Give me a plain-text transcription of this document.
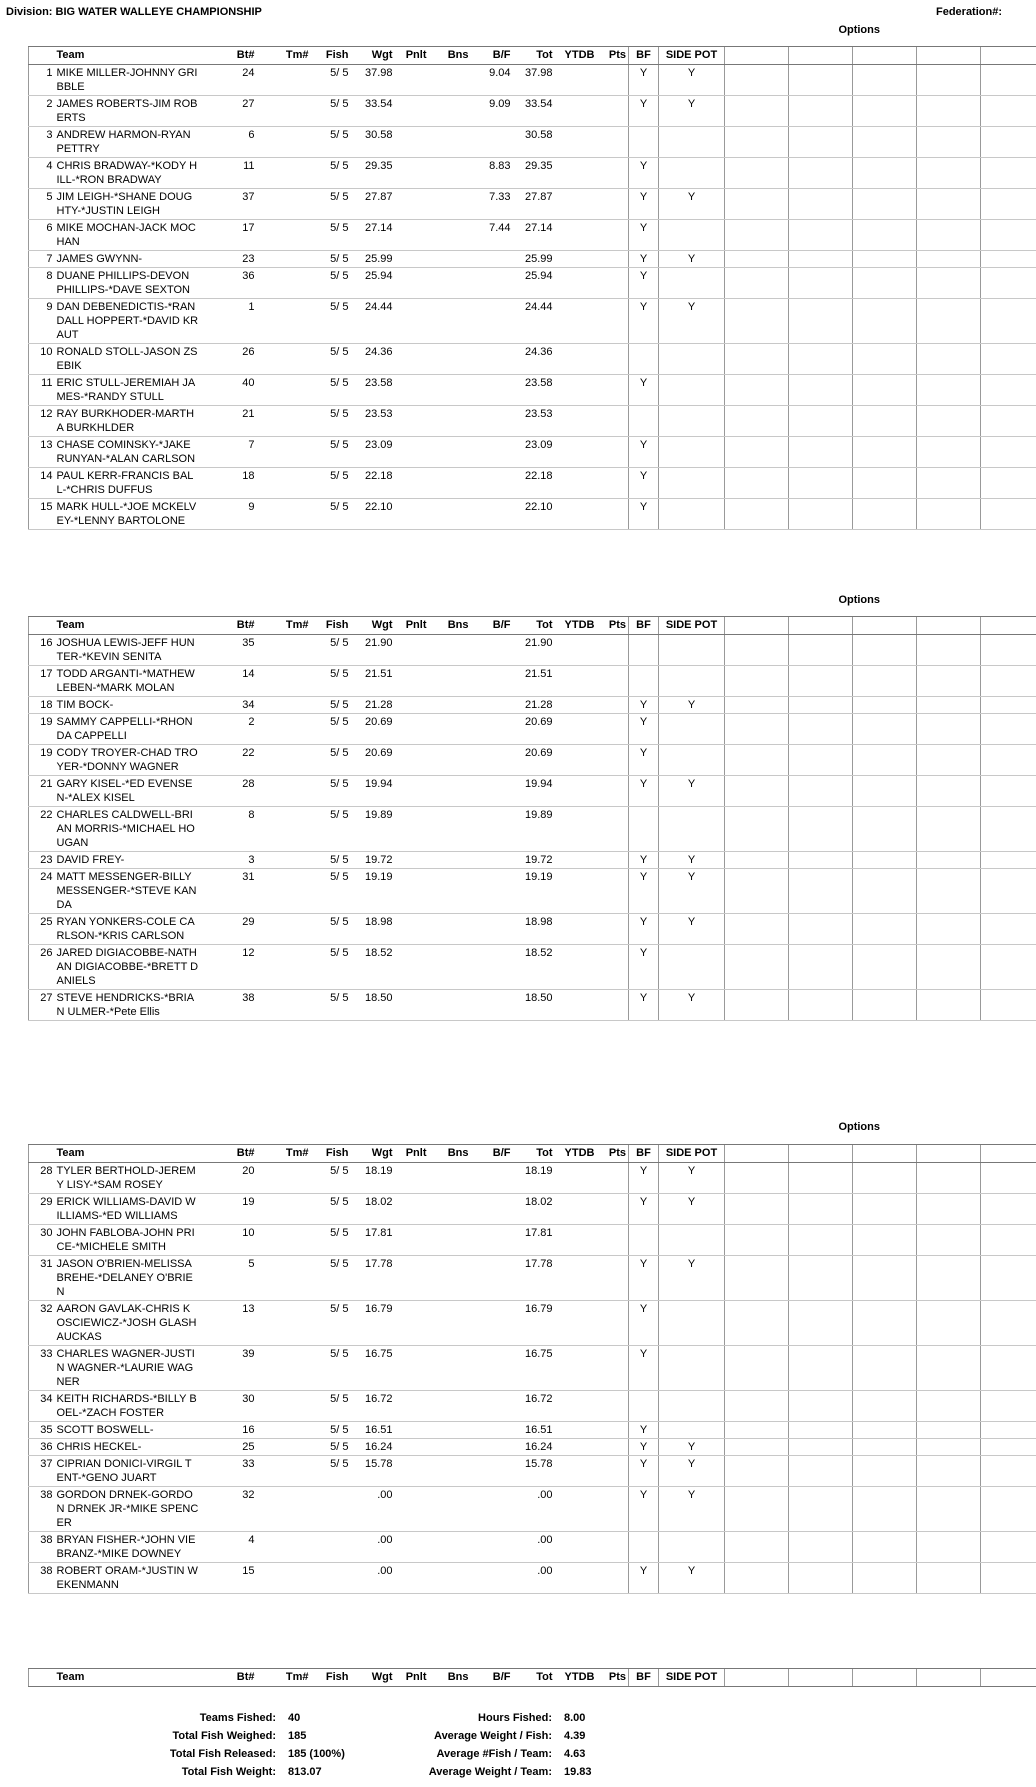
Division: BIG WATER WALLEYE CHAMPIONSHIP	Federation#:
Options
	Team	Bt#	Tm#	Fish	Wgt	Pnlt	Bns	B/F	Tot	YTDB	Pts	BF	SIDE POT					
1	MIKE MILLER-JOHNNY GRIBBLE	24		5/ 5	37.98			9.04	37.98			Y	Y					
2	JAMES ROBERTS-JIM ROBERTS	27		5/ 5	33.54			9.09	33.54			Y	Y					
3	ANDREW HARMON-RYAN PETTRY	6		5/ 5	30.58				30.58									
4	CHRIS BRADWAY-*KODY HILL-*RON BRADWAY	11		5/ 5	29.35			8.83	29.35			Y						
5	JIM LEIGH-*SHANE DOUGHTY-*JUSTIN LEIGH	37		5/ 5	27.87			7.33	27.87			Y	Y					
6	MIKE MOCHAN-JACK MOCHAN	17		5/ 5	27.14			7.44	27.14			Y						
7	JAMES GWYNN-	23		5/ 5	25.99				25.99			Y	Y					
8	DUANE PHILLIPS-DEVON PHILLIPS-*DAVE SEXTON	36		5/ 5	25.94				25.94			Y						
9	DAN DEBENEDICTIS-*RANDALL HOPPERT-*DAVID KRAUT	1		5/ 5	24.44				24.44			Y	Y					
10	RONALD STOLL-JASON ZSEBIK	26		5/ 5	24.36				24.36									
11	ERIC STULL-JEREMIAH JAMES-*RANDY STULL	40		5/ 5	23.58				23.58			Y						
12	RAY BURKHODER-MARTHA BURKHLDER	21		5/ 5	23.53				23.53									
13	CHASE COMINSKY-*JAKE RUNYAN-*ALAN CARLSON	7		5/ 5	23.09				23.09			Y						
14	PAUL KERR-FRANCIS BALL-*CHRIS DUFFUS	18		5/ 5	22.18				22.18			Y						
15	MARK HULL-*JOE MCKELVEY-*LENNY BARTOLONE	9		5/ 5	22.10				22.10			Y						
Options
	Team	Bt#	Tm#	Fish	Wgt	Pnlt	Bns	B/F	Tot	YTDB	Pts	BF	SIDE POT					
16	JOSHUA LEWIS-JEFF HUNTER-*KEVIN SENITA	35		5/ 5	21.90				21.90									
17	TODD ARGANTI-*MATHEW LEBEN-*MARK MOLAN	14		5/ 5	21.51				21.51									
18	TIM BOCK-	34		5/ 5	21.28				21.28			Y	Y					
19	SAMMY CAPPELLI-*RHONDA CAPPELLI	2		5/ 5	20.69				20.69			Y						
19	CODY TROYER-CHAD TROYER-*DONNY WAGNER	22		5/ 5	20.69				20.69			Y						
21	GARY KISEL-*ED EVENSEN-*ALEX KISEL	28		5/ 5	19.94				19.94			Y	Y					
22	CHARLES CALDWELL-BRIAN MORRIS-*MICHAEL HOUGAN	8		5/ 5	19.89				19.89									
23	DAVID FREY-	3		5/ 5	19.72				19.72			Y	Y					
24	MATT MESSENGER-BILLY MESSENGER-*STEVE KANDA	31		5/ 5	19.19				19.19			Y	Y					
25	RYAN YONKERS-COLE CARLSON-*KRIS CARLSON	29		5/ 5	18.98				18.98			Y	Y					
26	JARED DIGIACOBBE-NATHAN DIGIACOBBE-*BRETT DANIELS	12		5/ 5	18.52				18.52			Y						
27	STEVE HENDRICKS-*BRIAN ULMER-*Pete Ellis	38		5/ 5	18.50				18.50			Y	Y					
Options
	Team	Bt#	Tm#	Fish	Wgt	Pnlt	Bns	B/F	Tot	YTDB	Pts	BF	SIDE POT					
28	TYLER BERTHOLD-JEREMY LISY-*SAM ROSEY	20		5/ 5	18.19				18.19			Y	Y					
29	ERICK WILLIAMS-DAVID WILLIAMS-*ED WILLIAMS	19		5/ 5	18.02				18.02			Y	Y					
30	JOHN FABLOBA-JOHN PRICE-*MICHELE SMITH	10		5/ 5	17.81				17.81									
31	JASON O'BRIEN-MELISSA BREHE-*DELANEY O'BRIEN	5		5/ 5	17.78				17.78			Y	Y					
32	AARON GAVLAK-CHRIS KOSCIEWICZ-*JOSH GLASHAUCKAS	13		5/ 5	16.79				16.79			Y						
33	CHARLES WAGNER-JUSTIN WAGNER-*LAURIE WAGNER	39		5/ 5	16.75				16.75			Y						
34	KEITH RICHARDS-*BILLY BOEL-*ZACH FOSTER	30		5/ 5	16.72				16.72									
35	SCOTT BOSWELL-	16		5/ 5	16.51				16.51			Y						
36	CHRIS HECKEL-	25		5/ 5	16.24				16.24			Y	Y					
37	CIPRIAN DONICI-VIRGIL TENT-*GENO JUART	33		5/ 5	15.78				15.78			Y	Y					
38	GORDON DRNEK-GORDON DRNEK JR-*MIKE SPENCER	32			.00				.00			Y	Y					
38	BRYAN FISHER-*JOHN VIEBRANZ-*MIKE DOWNEY	4			.00				.00									
38	ROBERT ORAM-*JUSTIN WEKENMANN	15			.00				.00			Y	Y					
	Team	Bt#	Tm#	Fish	Wgt	Pnlt	Bns	B/F	Tot	YTDB	Pts	BF	SIDE POT					
Teams Fished: 40	Hours Fished: 8.00
Total Fish Weighed: 185	Average Weight / Fish: 4.39
Total Fish Released: 185 (100%)	Average #Fish / Team: 4.63
Total Fish Weight: 813.07	Average Weight / Team: 19.83
